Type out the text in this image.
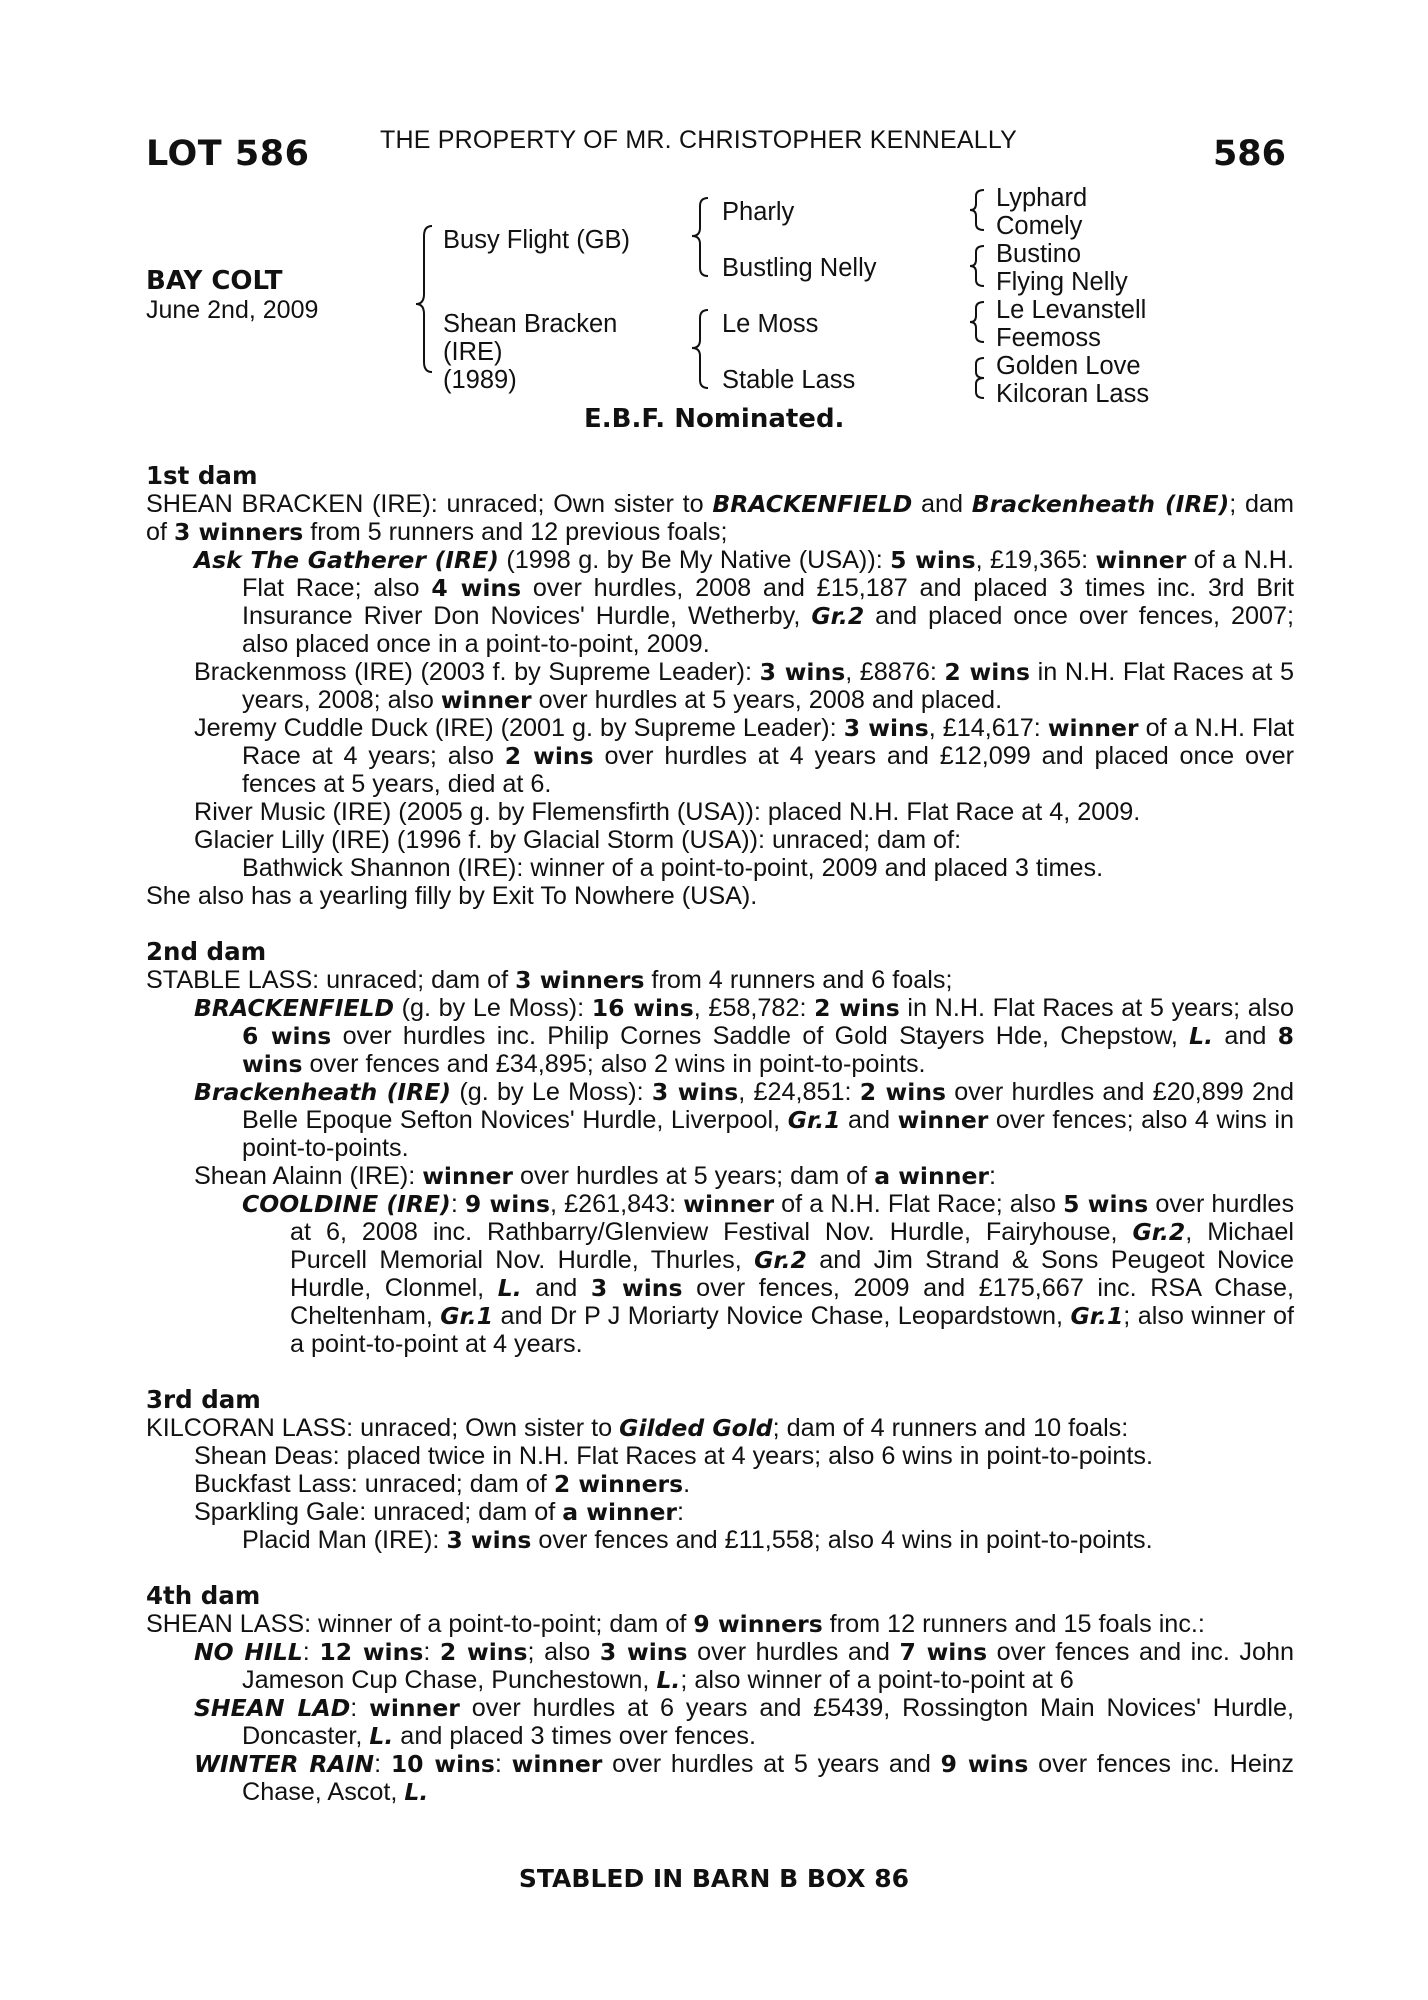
LOT 586	THE PROPERTY OF MR. CHRISTOPHER KENNEALLY	586
BAY COLT
June 2nd, 2009
Busy Flight (GB)
Shean Bracken
(IRE)
(1989)
Pharly
Bustling Nelly
Le Moss
Stable Lass
Lyphard
Comely
Bustino
Flying Nelly
Le Levanstell
Feemoss
Golden Love
Kilcoran Lass
E.B.F. Nominated.
1st dam

SHEAN BRACKEN (IRE): unraced; Own sister to BRACKENFIELD and Brackenheath (IRE); dam of 3 winners from 5 runners and 12 previous foals;

Ask The Gatherer (IRE) (1998 g. by Be My Native (USA)): 5 wins, £19,365: winner of a N.H. Flat Race; also 4 wins over hurdles, 2008 and £15,187 and placed 3 times inc. 3rd Brit Insurance River Don Novices' Hurdle, Wetherby, Gr.2 and placed once over fences, 2007; also placed once in a point-to-point, 2009.

Brackenmoss (IRE) (2003 f. by Supreme Leader): 3 wins, £8876: 2 wins in N.H. Flat Races at 5 years, 2008; also winner over hurdles at 5 years, 2008 and placed.

Jeremy Cuddle Duck (IRE) (2001 g. by Supreme Leader): 3 wins, £14,617: winner of a N.H. Flat Race at 4 years; also 2 wins over hurdles at 4 years and £12,099 and placed once over fences at 5 years, died at 6.

River Music (IRE) (2005 g. by Flemensfirth (USA)): placed N.H. Flat Race at 4, 2009.

Glacier Lilly (IRE) (1996 f. by Glacial Storm (USA)): unraced; dam of:

Bathwick Shannon (IRE): winner of a point-to-point, 2009 and placed 3 times.

She also has a yearling filly by Exit To Nowhere (USA).

2nd dam

STABLE LASS: unraced; dam of 3 winners from 4 runners and 6 foals;

BRACKENFIELD (g. by Le Moss): 16 wins, £58,782: 2 wins in N.H. Flat Races at 5 years; also 6 wins over hurdles inc. Philip Cornes Saddle of Gold Stayers Hde, Chepstow, L. and 8 wins over fences and £34,895; also 2 wins in point-to-points.

Brackenheath (IRE) (g. by Le Moss): 3 wins, £24,851: 2 wins over hurdles and £20,899 2nd Belle Epoque Sefton Novices' Hurdle, Liverpool, Gr.1 and winner over fences; also 4 wins in point-to-points.

Shean Alainn (IRE): winner over hurdles at 5 years; dam of a winner:

COOLDINE (IRE): 9 wins, £261,843: winner of a N.H. Flat Race; also 5 wins over hurdles at 6, 2008 inc. Rathbarry/Glenview Festival Nov. Hurdle, Fairyhouse, Gr.2, Michael Purcell Memorial Nov. Hurdle, Thurles, Gr.2 and Jim Strand & Sons Peugeot Novice Hurdle, Clonmel, L. and 3 wins over fences, 2009 and £175,667 inc. RSA Chase, Cheltenham, Gr.1 and Dr P J Moriarty Novice Chase, Leopardstown, Gr.1; also winner of a point-to-point at 4 years.

3rd dam

KILCORAN LASS: unraced; Own sister to Gilded Gold; dam of 4 runners and 10 foals:

Shean Deas: placed twice in N.H. Flat Races at 4 years; also 6 wins in point-to-points.

Buckfast Lass: unraced; dam of 2 winners.

Sparkling Gale: unraced; dam of a winner:

Placid Man (IRE): 3 wins over fences and £11,558; also 4 wins in point-to-points.

4th dam

SHEAN LASS: winner of a point-to-point; dam of 9 winners from 12 runners and 15 foals inc.:

NO HILL: 12 wins: 2 wins; also 3 wins over hurdles and 7 wins over fences and inc. John Jameson Cup Chase, Punchestown, L.; also winner of a point-to-point at 6

SHEAN LAD: winner over hurdles at 6 years and £5439, Rossington Main Novices' Hurdle, Doncaster, L. and placed 3 times over fences.

WINTER RAIN: 10 wins: winner over hurdles at 5 years and 9 wins over fences inc. Heinz Chase, Ascot, L.

STABLED IN BARN B BOX 86
